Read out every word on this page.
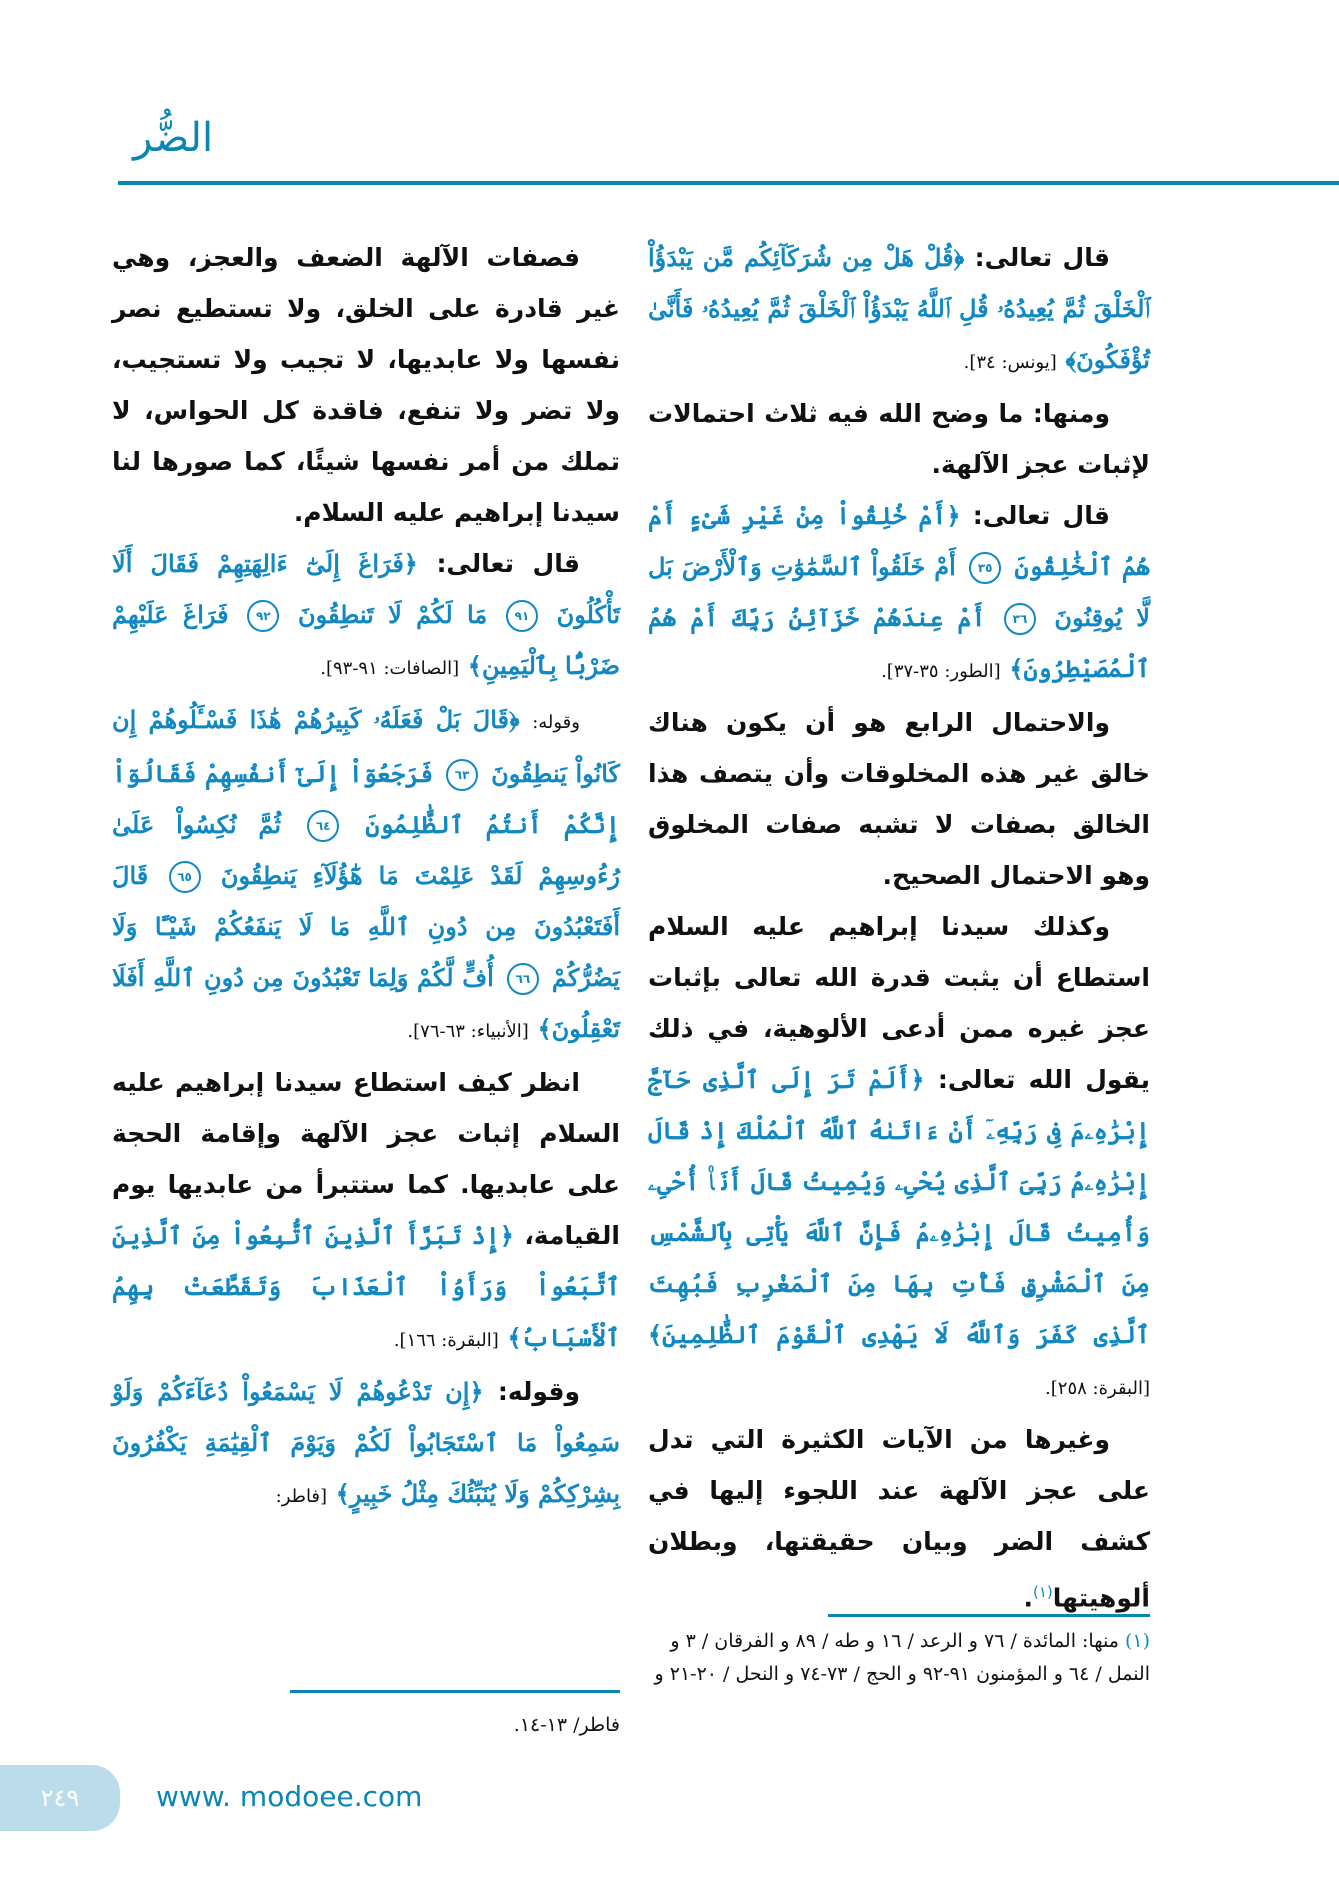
الضُّر

قال تعالى: ﴿قُلْ هَلْ مِن شُرَكَآئِكُم مَّن يَبْدَؤُاْ ٱلْخَلْقَ ثُمَّ يُعِيدُهُۥ قُلِ ٱللَّهُ يَبْدَؤُاْ ٱلْخَلْقَ ثُمَّ يُعِيدُهُۥ فَأَنَّىٰ تُؤْفَكُونَ﴾ [يونس: ٣٤].

ومنها: ما وضح الله فيه ثلاث احتمالات لإثبات عجز الآلهة.

قال تعالى: ﴿أَمْ خُلِقُواْ مِنْ غَيْرِ شَىْءٍ أَمْ هُمُ ٱلْخَٰلِقُونَ ٣٥ أَمْ خَلَقُواْ ٱلسَّمَٰوَٰتِ وَٱلْأَرْضَ بَل لَّا يُوقِنُونَ ٣٦ أَمْ عِندَهُمْ خَزَآئِنُ رَبِّكَ أَمْ هُمُ ٱلْمُصَيْطِرُونَ﴾ [الطور: ٣٥-٣٧].

والاحتمال الرابع هو أن يكون هناك خالق غير هذه المخلوقات وأن يتصف هذا الخالق بصفات لا تشبه صفات المخلوق وهو الاحتمال الصحيح.

وكذلك سيدنا إبراهيم عليه السلام استطاع أن يثبت قدرة الله تعالى بإثبات عجز غيره ممن أدعى الألوهية، في ذلك يقول الله تعالى: ﴿أَلَمْ تَرَ إِلَى ٱلَّذِى حَآجَّ إِبْرَٰهِۦمَ فِى رَبِّهِۦٓ أَنْ ءَاتَىٰهُ ٱللَّهُ ٱلْمُلْكَ إِذْ قَالَ إِبْرَٰهِۦمُ رَبِّىَ ٱلَّذِى يُحْىِۦ وَيُمِيتُ قَالَ أَنَا۠ أُحْىِۦ وَأُمِيتُ قَالَ إِبْرَٰهِۦمُ فَإِنَّ ٱللَّهَ يَأْتِى بِٱلشَّمْسِ مِنَ ٱلْمَشْرِقِ فَأْتِ بِهَا مِنَ ٱلْمَغْرِبِ فَبُهِتَ ٱلَّذِى كَفَرَ وَٱللَّهُ لَا يَهْدِى ٱلْقَوْمَ ٱلظَّٰلِمِينَ﴾ [البقرة: ٢٥٨].

وغيرها من الآيات الكثيرة التي تدل على عجز الآلهة عند اللجوء إليها في كشف الضر وبيان حقيقتها، وبطلان ألوهيتها$^{(١)}$.

(١) منها: المائدة / ٧٦ و الرعد / ١٦ و طه / ٨٩ و الفرقان / ٣ و النمل / ٦٤ و المؤمنون ٩١-٩٢ و الحج / ٧٣-٧٤ و النحل / ٢٠-٢١ و

فصفات الآلهة الضعف والعجز، وهي غير قادرة على الخلق، ولا تستطيع نصر نفسها ولا عابديها، لا تجيب ولا تستجيب، ولا تضر ولا تنفع، فاقدة كل الحواس، لا تملك من أمر نفسها شيئًا، كما صورها لنا سيدنا إبراهيم عليه السلام.

قال تعالى: ﴿فَرَاغَ إِلَىٰٓ ءَالِهَتِهِمْ فَقَالَ أَلَا تَأْكُلُونَ ٩١ مَا لَكُمْ لَا تَنطِقُونَ ٩٢ فَرَاغَ عَلَيْهِمْ ضَرْبًۢا بِٱلْيَمِينِ﴾ [الصافات: ٩١-٩٣].

وقوله: ﴿قَالَ بَلْ فَعَلَهُۥ كَبِيرُهُمْ هَٰذَا فَسْـَٔلُوهُمْ إِن كَانُواْ يَنطِقُونَ ٦٣ فَرَجَعُوٓاْ إِلَىٰٓ أَنفُسِهِمْ فَقَالُوٓاْ إِنَّكُمْ أَنتُمُ ٱلظَّٰلِمُونَ ٦٤ ثُمَّ نُكِسُواْ عَلَىٰ رُءُوسِهِمْ لَقَدْ عَلِمْتَ مَا هَٰٓؤُلَآءِ يَنطِقُونَ ٦٥ قَالَ أَفَتَعْبُدُونَ مِن دُونِ ٱللَّهِ مَا لَا يَنفَعُكُمْ شَيْـًٔا وَلَا يَضُرُّكُمْ ٦٦ أُفٍّ لَّكُمْ وَلِمَا تَعْبُدُونَ مِن دُونِ ٱللَّهِ أَفَلَا تَعْقِلُونَ﴾ [الأنبياء: ٦٣-٧٦].

انظر كيف استطاع سيدنا إبراهيم عليه السلام إثبات عجز الآلهة وإقامة الحجة على عابديها. كما ستتبرأ من عابديها يوم القيامة، ﴿إِذْ تَبَرَّأَ ٱلَّذِينَ ٱتُّبِعُواْ مِنَ ٱلَّذِينَ ٱتَّبَعُواْ وَرَأَوُاْ ٱلْعَذَابَ وَتَقَطَّعَتْ بِهِمُ ٱلْأَسْبَابُ﴾ [البقرة: ١٦٦].

وقوله: ﴿إِن تَدْعُوهُمْ لَا يَسْمَعُواْ دُعَآءَكُمْ وَلَوْ سَمِعُواْ مَا ٱسْتَجَابُواْ لَكُمْ وَيَوْمَ ٱلْقِيَٰمَةِ يَكْفُرُونَ بِشِرْكِكُمْ وَلَا يُنَبِّئُكَ مِثْلُ خَبِيرٍ﴾ [فاطر:

فاطر/ ١٣-١٤.
٢٤٩	www. modoee.com
